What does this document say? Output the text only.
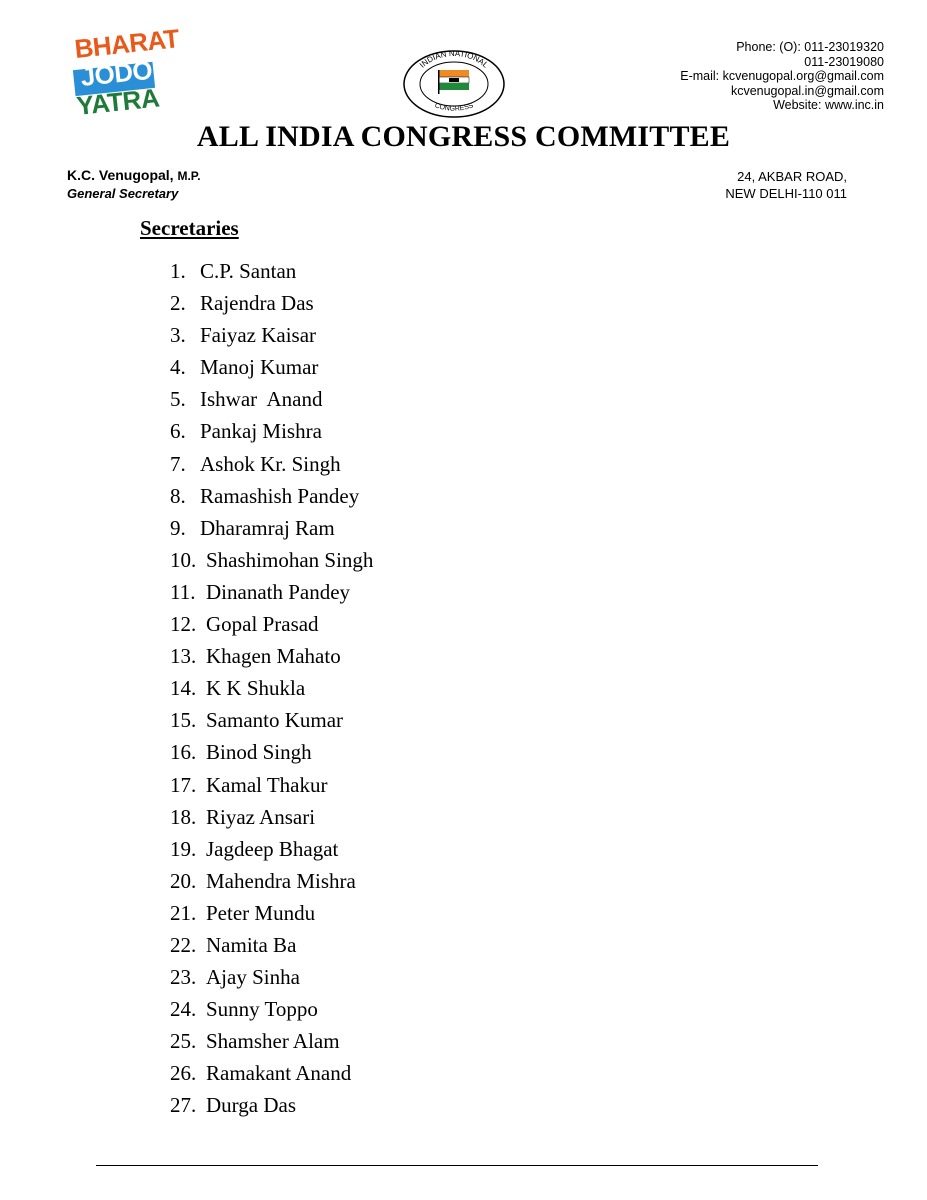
BHARAT
JODO
YATRA
INDIAN NATIONAL
CONGRESS
Phone: (O): 011-23019320
011-23019080
E-mail: kcvenugopal.org@gmail.com
kcvenugopal.in@gmail.com
Website: www.inc.in
ALL INDIA CONGRESS COMMITTEE
K.C. Venugopal, M.P.
General Secretary
24, AKBAR ROAD,
NEW DELHI-110 011
Secretaries
1. C.P. Santan
2. Rajendra Das
3. Faiyaz Kaisar
4. Manoj Kumar
5. Ishwar  Anand
6. Pankaj Mishra
7. Ashok Kr. Singh
8. Ramashish Pandey
9. Dharamraj Ram
10. Shashimohan Singh
11. Dinanath Pandey
12. Gopal Prasad
13. Khagen Mahato
14. K K Shukla
15. Samanto Kumar
16. Binod Singh
17. Kamal Thakur
18. Riyaz Ansari
19. Jagdeep Bhagat
20. Mahendra Mishra
21. Peter Mundu
22. Namita Ba
23. Ajay Sinha
24. Sunny Toppo
25. Shamsher Alam
26. Ramakant Anand
27. Durga Das
